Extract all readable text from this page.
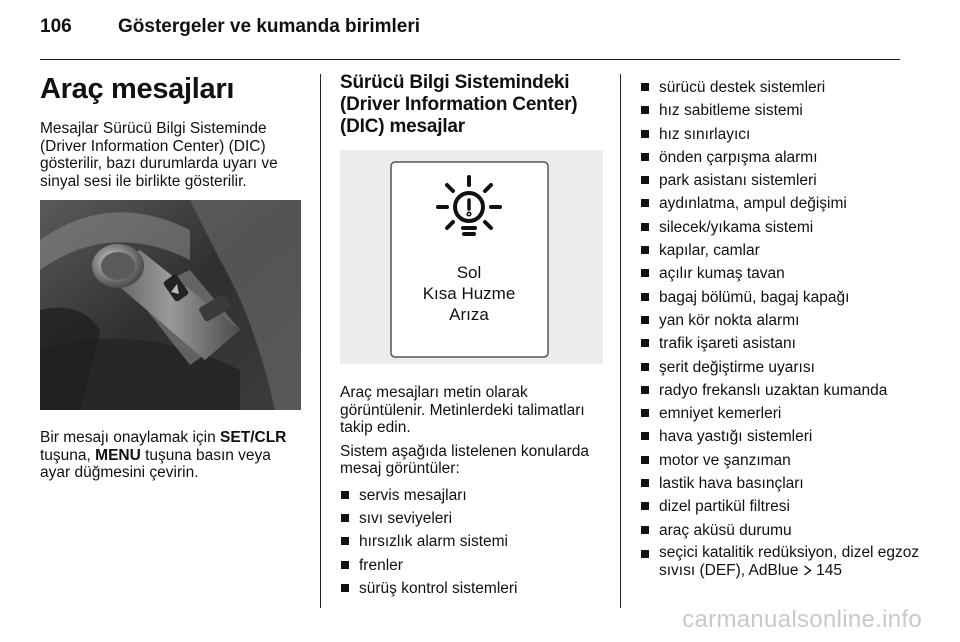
106 Göstergeler ve kumanda birimleri
Araç mesajları

Mesajlar Sürücü Bilgi Sisteminde (Driver Information Center) (DIC) gösterilir, bazı durumlarda uyarı ve sinyal sesi ile birlikte gösterilir.

Bir mesajı onaylamak için SET/CLR tuşuna, MENU tuşuna basın veya ayar düğmesini çevirin.

Sürücü Bilgi Sistemindeki (Driver Information Center) (DIC) mesajlar
Sol
Kısa Huzme
Arıza

Araç mesajları metin olarak görüntülenir. Metinlerdeki talimatları takip edin.

Sistem aşağıda listelenen konularda mesaj görüntüler:

servis mesajları
sıvı seviyeleri
hırsızlık alarm sistemi
frenler
sürüş kontrol sistemleri
sürücü destek sistemleri
hız sabitleme sistemi
hız sınırlayıcı
önden çarpışma alarmı
park asistanı sistemleri
aydınlatma, ampul değişimi
silecek/yıkama sistemi
kapılar, camlar
açılır kumaş tavan
bagaj bölümü, bagaj kapağı
yan kör nokta alarmı
trafik işareti asistanı
şerit değiştirme uyarısı
radyo frekanslı uzaktan kumanda
emniyet kemerleri
hava yastığı sistemleri
motor ve şanzıman
lastik hava basınçları
dizel partikül filtresi
araç aküsü durumu
seçici katalitik redüksiyon, dizel egzoz sıvısı (DEF), AdBlue 145
carmanualsonline.info
